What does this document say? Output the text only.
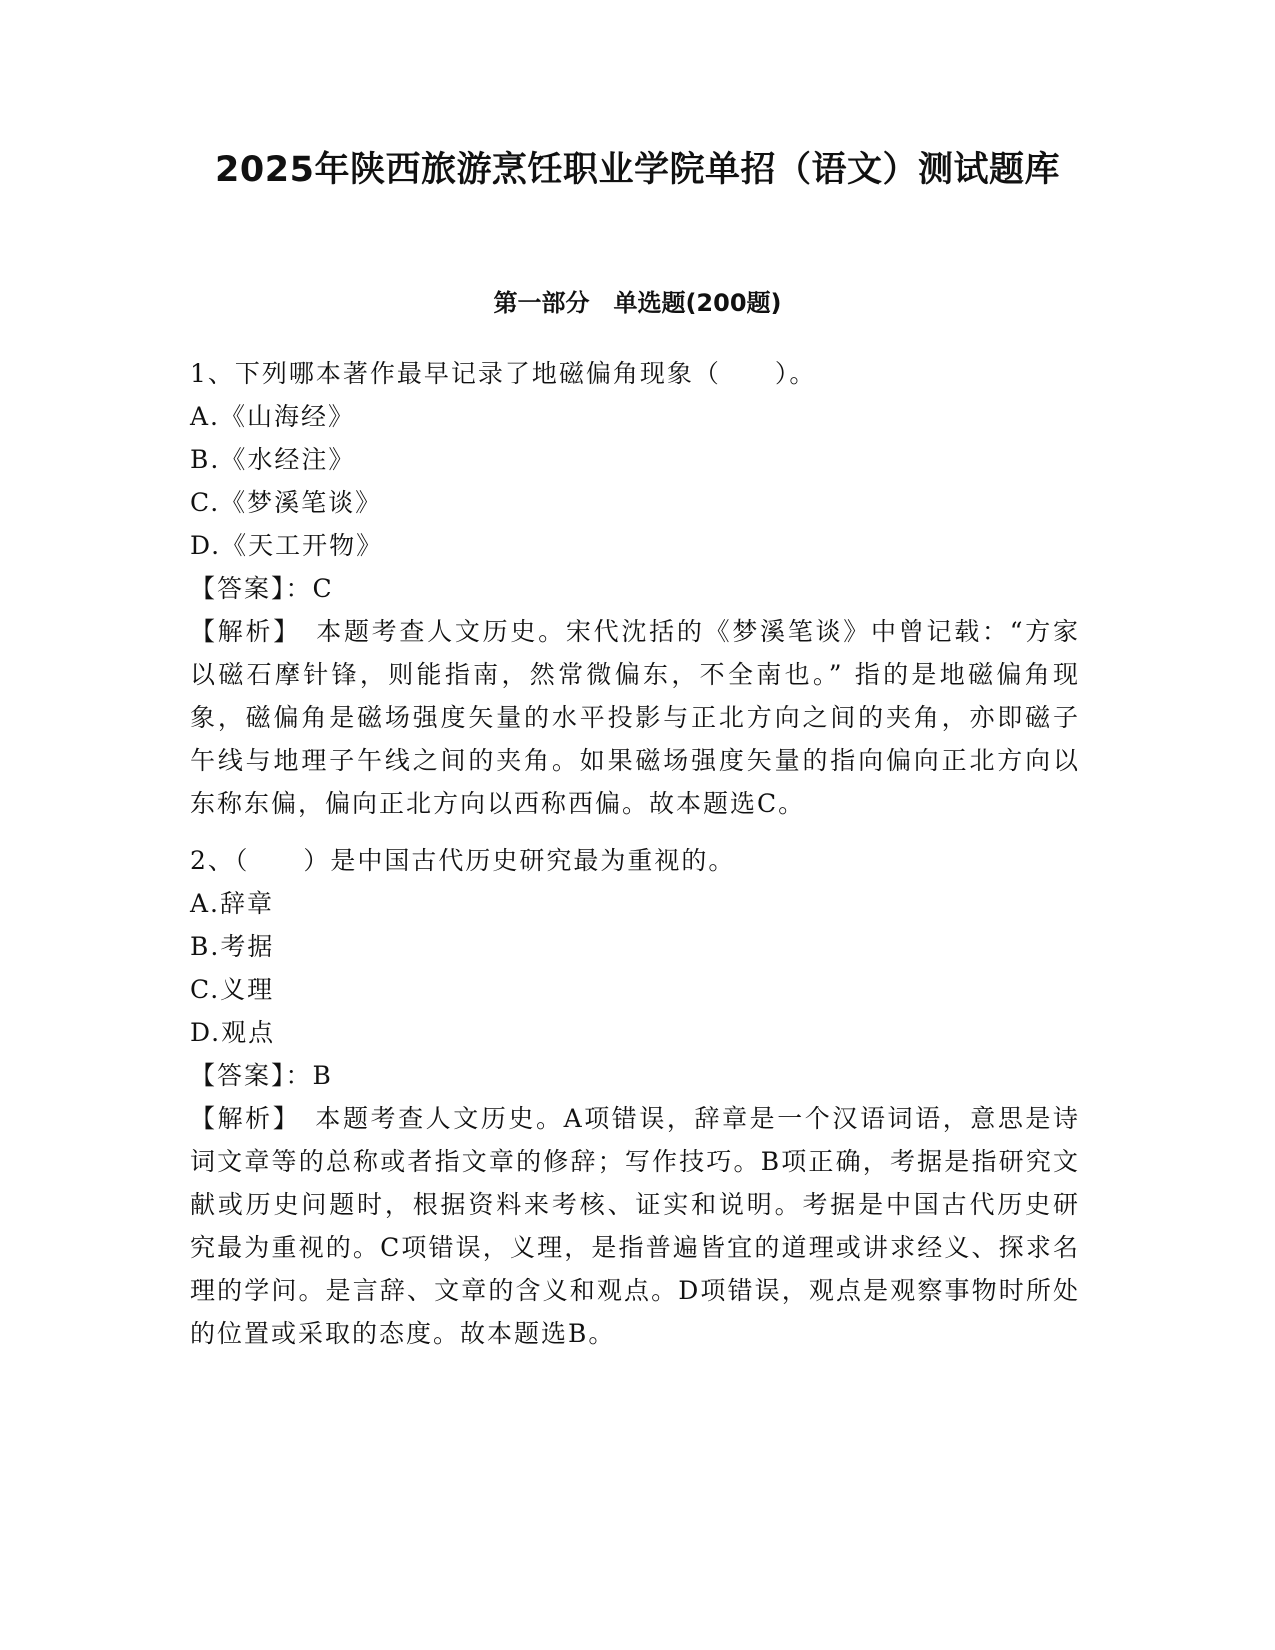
2025年陕西旅游烹饪职业学院单招（语文）测试题库
第一部分　单选题(200题)
1、下列哪本著作最早记录了地磁偏角现象（　　）。
A.《山海经》
B.《水经注》
C.《梦溪笔谈》
D.《天工开物》
【答案】：C
【解析】　本题考查人文历史。宋代沈括的《梦溪笔谈》中曾记载：“方家以磁石摩针锋，则能指南，然常微偏东，不全南也。” 指的是地磁偏角现象，磁偏角是磁场强度矢量的水平投影与正北方向之间的夹角，亦即磁子午线与地理子午线之间的夹角。如果磁场强度矢量的指向偏向正北方向以东称东偏，偏向正北方向以西称西偏。故本题选C。
2、（　　）是中国古代历史研究最为重视的。
A.辞章
B.考据
C.义理
D.观点
【答案】：B
【解析】　本题考查人文历史。A项错误，辞章是一个汉语词语，意思是诗词文章等的总称或者指文章的修辞；写作技巧。B项正确，考据是指研究文献或历史问题时，根据资料来考核、证实和说明。考据是中国古代历史研究最为重视的。C项错误，义理，是指普遍皆宜的道理或讲求经义、探求名理的学问。是言辞、文章的含义和观点。D项错误，观点是观察事物时所处的位置或采取的态度。故本题选B。
